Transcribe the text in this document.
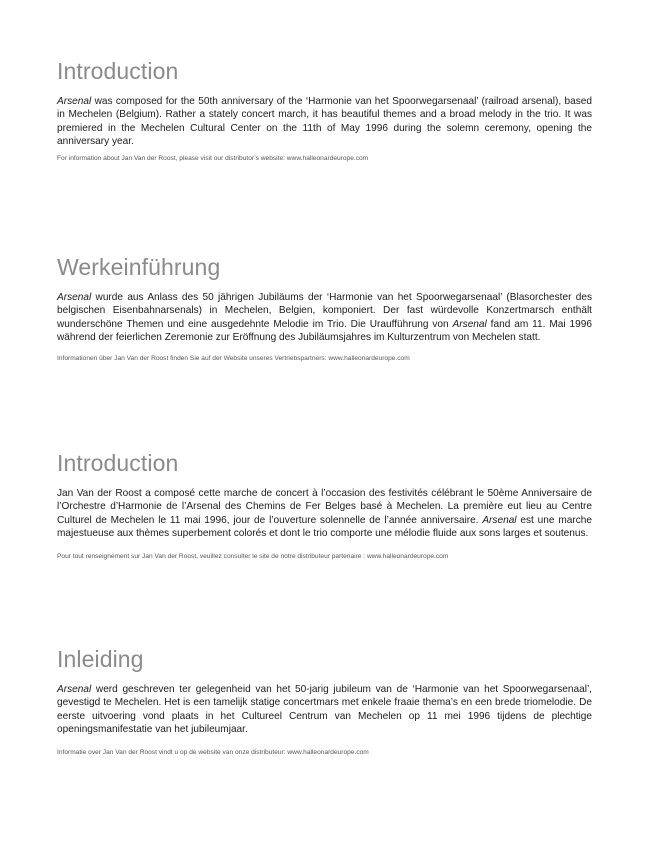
Introduction

Arsenal was composed for the 50th anniversary of the ‘Harmonie van het Spoorwegarsenaal’ (railroad arsenal), based in Mechelen (Belgium). Rather a stately concert march, it has beautiful themes and a broad melody in the trio. It was premiered in the Mechelen Cultural Center on the 11th of May 1996 during the solemn ceremony, opening the anniversary year.

For information about Jan Van der Roost, please visit our distributor’s website: www.halleonardeurope.com

Werkeinführung

Arsenal wurde aus Anlass des 50 jährigen Jubiläums der ‘Harmonie van het Spoorwegarsenaal’ (Blasorchester des belgischen Eisenbahnarsenals) in Mechelen, Belgien, komponiert. Der fast würdevolle Konzertmarsch enthält wunderschöne Themen und eine ausgedehnte Melodie im Trio. Die Uraufführung von Arsenal fand am 11. Mai 1996 während der feierlichen Zeremonie zur Eröffnung des Jubiläumsjahres im Kulturzentrum von Mechelen statt.

Informationen über Jan Van der Roost finden Sie auf der Website unseres Vertriebspartners: www.halleonardeurope.com

Introduction

Jan Van der Roost a composé cette marche de concert à l’occasion des festivités célébrant le 50ème Anniversaire de l’Orchestre d’Harmonie de l’Arsenal des Chemins de Fer Belges basé à Mechelen. La première eut lieu au Centre Culturel de Mechelen le 11 mai 1996, jour de l’ouverture solennelle de l’année anniversaire. Arsenal est une marche majestueuse aux thèmes superbement colorés et dont le trio comporte une mélodie fluide aux sons larges et soutenus.

Pour tout renseignement sur Jan Van der Roost, veuillez consulter le site de notre distributeur partenaire : www.halleonardeurope.com

Inleiding

Arsenal werd geschreven ter gelegenheid van het 50-jarig jubileum van de ‘Harmonie van het Spoorwegarsenaal’, gevestigd te Mechelen. Het is een tamelijk statige concertmars met enkele fraaie thema’s en een brede triomelodie. De eerste uitvoering vond plaats in het Cultureel Centrum van Mechelen op 11 mei 1996 tijdens de plechtige openingsmanifestatie van het jubileumjaar.

Informatie over Jan Van der Roost vindt u op de website van onze distributeur: www.halleonardeurope.com
